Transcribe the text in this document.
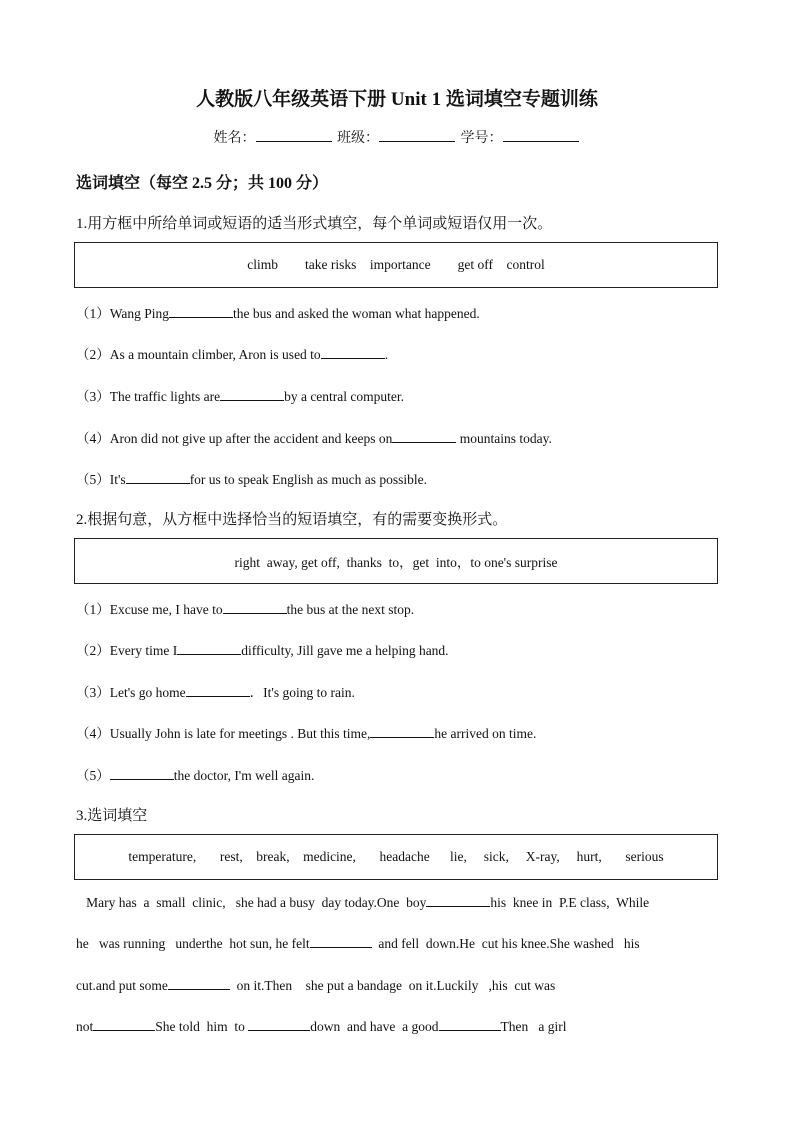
人教版八年级英语下册 Unit 1 选词填空专题训练
姓名：	班级：	学号：
选词填空（每空 2.5 分；共 100 分）
1.用方框中所给单词或短语的适当形式填空，每个单词或短语仅用一次。
climb        take risks    importance        get off    control
（1）Wang Ping	the bus and asked the woman what happened.
（2）As a mountain climber, Aron is used to	.
（3）The traffic lights are	by a central computer.
（4）Aron did not give up after the accident and keeps on	mountains today.
（5）It's	for us to speak English as much as possible.
2.根据句意，从方框中选择恰当的短语填空，有的需要变换形式。
right  away, get off,  thanks  to，get  into，to one's surprise
（1）Excuse me, I have to	the bus at the next stop.
（2）Every time I	difficulty, Jill gave me a helping hand.
（3）Let's go home	．It's going to rain.
（4）Usually John is late for meetings . But this time,	he arrived on time.
（5）	the doctor, I'm well again.
3.选词填空
temperature,       rest,    break,    medicine,       headache      lie,     sick,     X-ray,     hurt,       serious
Mary has  a  small  clinic,   she had a busy  day today.One  boy	his  knee in  P.E class,  While
he   was running   underthe  hot sun, he felt	and fell  down.He  cut his knee.She washed   his
cut.and put some	on it.Then    she put a bandage  on it.Luckily   ,his  cut was
not	She told  him  to	down  and have  a good	Then   a girl
